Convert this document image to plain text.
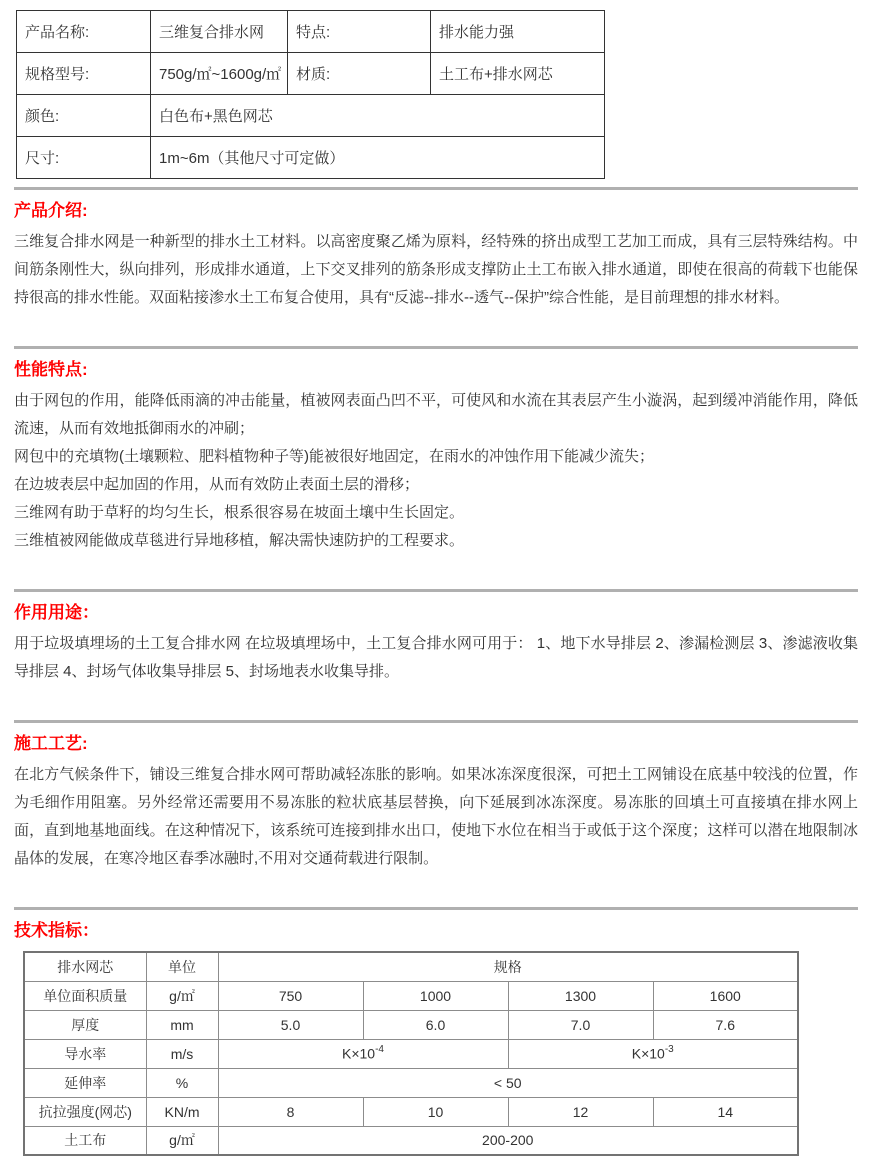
产品名称:	三维复合排水网	特点:	排水能力强
规格型号:	750g/㎡~1600g/㎡	材质:	土工布+排水网芯
颜色:	白色布+黑色网芯		
尺寸:	1m~6m（其他尺寸可定做）		
产品介绍:

三维复合排水网是一种新型的排水土工材料。以高密度聚乙烯为原料，经特殊的挤出成型工艺加工而成，具有三层特殊结构。中间筋条刚性大，纵向排列，形成排水通道，上下交叉排列的筋条形成支撑防止土工布嵌入排水通道，即使在很高的荷载下也能保持很高的排水性能。双面粘接渗水土工布复合使用，具有“反滤--排水--透气--保护”综合性能，是目前理想的排水材料。

性能特点:

由于网包的作用，能降低雨滴的冲击能量，植被网表面凸凹不平，可使风和水流在其表层产生小漩涡，起到缓冲消能作用，降低流速，从而有效地抵御雨水的冲刷；

网包中的充填物(土壤颗粒、肥料植物种子等)能被很好地固定，在雨水的冲蚀作用下能减少流失；

在边坡表层中起加固的作用，从而有效防止表面土层的滑移；

三维网有助于草籽的均匀生长，根系很容易在坡面土壤中生长固定。

三维植被网能做成草毯进行异地移植，解决需快速防护的工程要求。

作用用途：

用于垃圾填埋场的土工复合排水网 在垃圾填埋场中，土工复合排水网可用于： 1、地下水导排层 2、渗漏检测层 3、渗滤液收集导排层 4、封场气体收集导排层 5、封场地表水收集导排。

施工工艺:

在北方气候条件下，铺设三维复合排水网可帮助减轻冻胀的影响。如果冰冻深度很深，可把土工网铺设在底基中较浅的位置，作为毛细作用阻塞。另外经常还需要用不易冻胀的粒状底基层替换，向下延展到冰冻深度。易冻胀的回填土可直接填在排水网上面，直到地基地面线。在这种情况下，该系统可连接到排水出口，使地下水位在相当于或低于这个深度；这样可以潜在地限制冰晶体的发展，在寒冷地区春季冰融时,不用对交通荷载进行限制。

技术指标：
排水网芯	单位	规格			
单位面积质量	g/㎡	750	1000	1300	1600
厚度	mm	5.0	6.0	7.0	7.6
导水率	m/s	$K\times 10^{-4}$		$K\times 10^{-3}$
延伸率	%	< 50			
抗拉强度(网芯)	KN/m	8	10	12	14
土工布	g/㎡	200-200			
